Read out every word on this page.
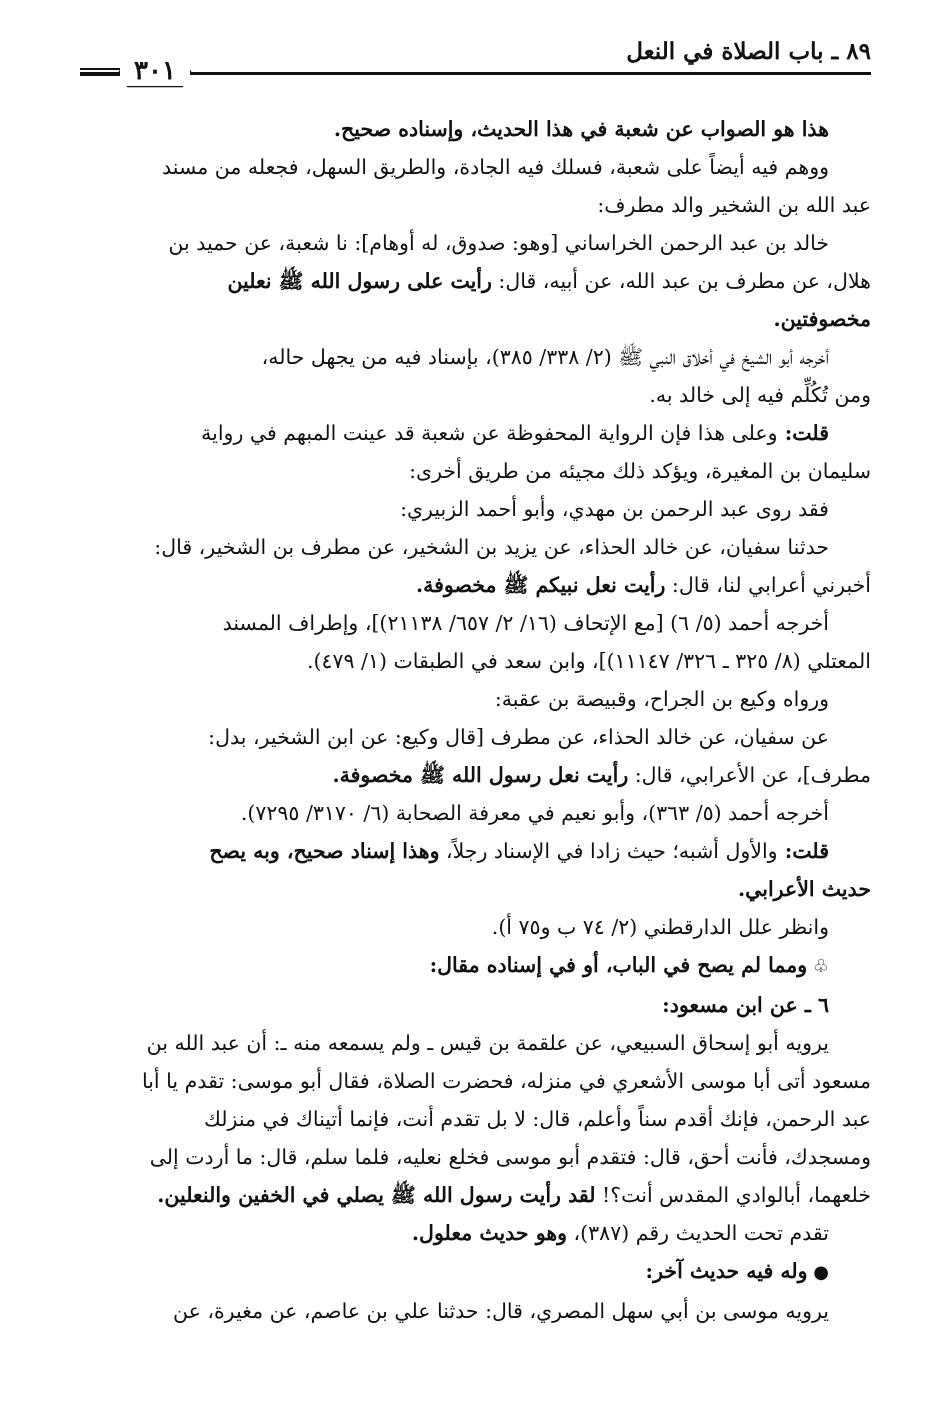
٨٩ ـ باب الصلاة في النعل
٣٠١
هذا هو الصواب عن شعبة في هذا الحديث، وإسناده صحيح.
ووهم فيه أيضاً على شعبة، فسلك فيه الجادة، والطريق السهل، فجعله من مسند
عبد الله بن الشخير والد مطرف:
خالد بن عبد الرحمن الخراساني [وهو: صدوق، له أوهام]: نا شعبة، عن حميد بن
هلال، عن مطرف بن عبد الله، عن أبيه، قال: رأيت على رسول الله ﷺ نعلين
مخصوفتين.
أخرجه أبو الشيخ في أخلاق النبي ﷺ (٢/ ٣٣٨/ ٣٨٥)، بإسناد فيه من يجهل حاله،
ومن تُكُلِّم فيه إلى خالد به.
قلت: وعلى هذا فإن الرواية المحفوظة عن شعبة قد عينت المبهم في رواية
سليمان بن المغيرة، ويؤكد ذلك مجيئه من طريق أخرى:
فقد روى عبد الرحمن بن مهدي، وأبو أحمد الزبيري:
حدثنا سفيان، عن خالد الحذاء، عن يزيد بن الشخير، عن مطرف بن الشخير، قال:
أخبرني أعرابي لنا، قال: رأيت نعل نبيكم ﷺ مخصوفة.
أخرجه أحمد (٥/ ٦) [مع الإتحاف (١٦/ ٢/ ٦٥٧/ ٢١١٣٨)]، وإطراف المسند
المعتلي (٨/ ٣٢٥ ـ ٣٢٦/ ١١١٤٧)]، وابن سعد في الطبقات (١/ ٤٧٩).
ورواه وكيع بن الجراح، وقبيصة بن عقبة:
عن سفيان، عن خالد الحذاء، عن مطرف [قال وكيع: عن ابن الشخير، بدل:
مطرف]، عن الأعرابي، قال: رأيت نعل رسول الله ﷺ مخصوفة.
أخرجه أحمد (٥/ ٣٦٣)، وأبو نعيم في معرفة الصحابة (٦/ ٣١٧٠/ ٧٢٩٥).
قلت: والأول أشبه؛ حيث زادا في الإسناد رجلاً، وهذا إسناد صحيح، وبه يصح
حديث الأعرابي.
وانظر علل الدارقطني (٢/ ٧٤ ب و٧٥ أ).
♧ ومما لم يصح في الباب، أو في إسناده مقال:
٦ ـ عن ابن مسعود:
يرويه أبو إسحاق السبيعي، عن علقمة بن قيس ـ ولم يسمعه منه ـ: أن عبد الله بن
مسعود أتى أبا موسى الأشعري في منزله، فحضرت الصلاة، فقال أبو موسى: تقدم يا أبا
عبد الرحمن، فإنك أقدم سناً وأعلم، قال: لا بل تقدم أنت، فإنما أتيناك في منزلك
ومسجدك، فأنت أحق، قال: فتقدم أبو موسى فخلع نعليه، فلما سلم، قال: ما أردت إلى
خلعهما، أبالوادي المقدس أنت؟! لقد رأيت رسول الله ﷺ يصلي في الخفين والنعلين.
تقدم تحت الحديث رقم (٣٨٧)، وهو حديث معلول.
● وله فيه حديث آخر:
يرويه موسى بن أبي سهل المصري، قال: حدثنا علي بن عاصم، عن مغيرة، عن
